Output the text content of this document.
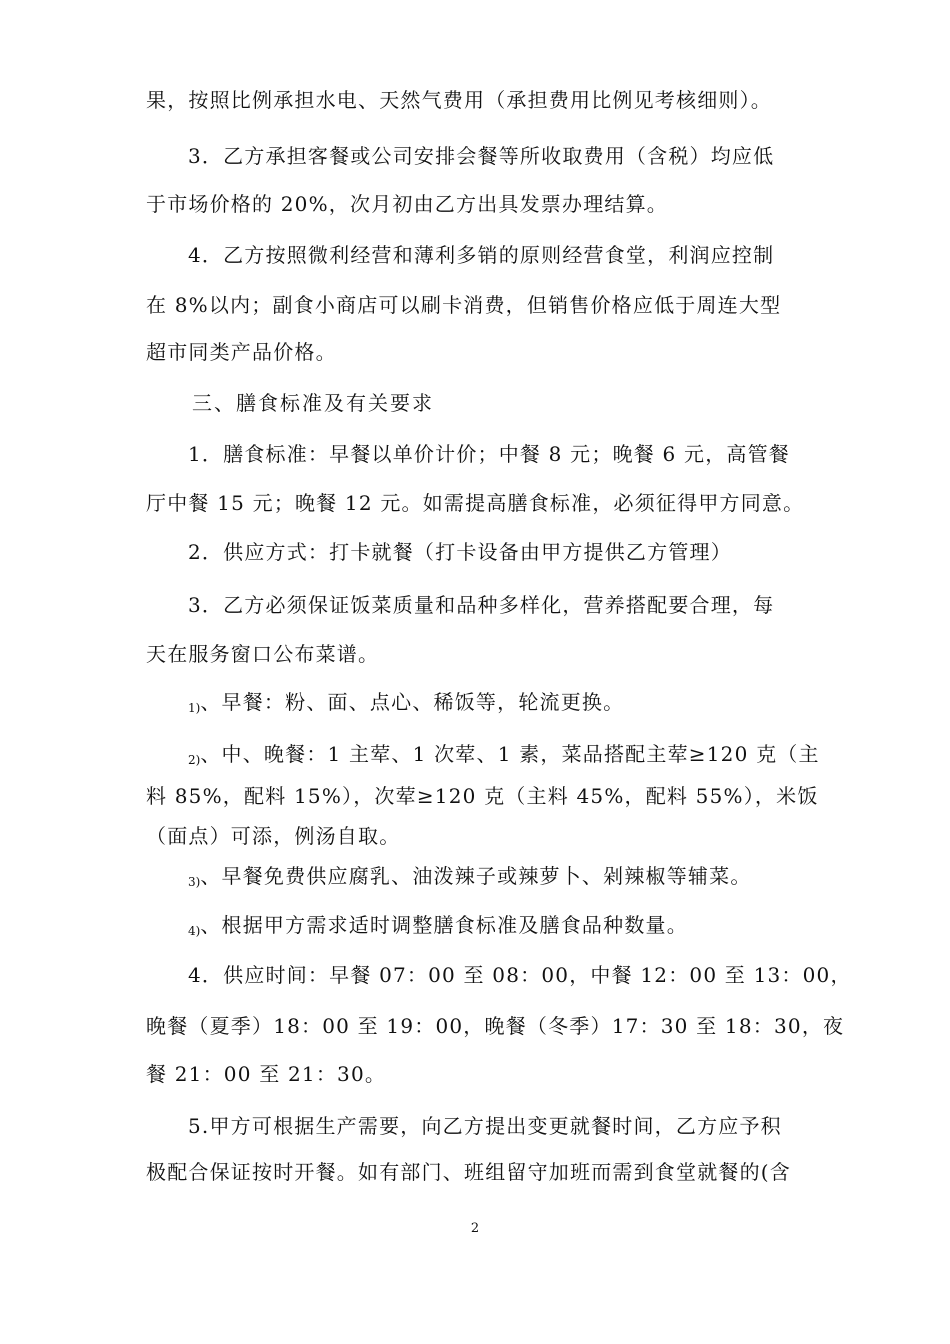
果，按照比例承担水电、天然气费用（承担费用比例见考核细则）。
3．乙方承担客餐或公司安排会餐等所收取费用（含税）均应低
于市场价格的 20%，次月初由乙方出具发票办理结算。
4．乙方按照微利经营和薄利多销的原则经营食堂，利润应控制
在 8%以内；副食小商店可以刷卡消费，但销售价格应低于周连大型
超市同类产品价格。
三、膳食标准及有关要求
1．膳食标准：早餐以单价计价；中餐 8 元；晚餐 6 元，高管餐
厅中餐 15 元；晚餐 12 元。如需提高膳食标准，必须征得甲方同意。
2．供应方式：打卡就餐（打卡设备由甲方提供乙方管理）
3．乙方必须保证饭菜质量和品种多样化，营养搭配要合理，每
天在服务窗口公布菜谱。
1)、早餐：粉、面、点心、稀饭等，轮流更换。
2)、中、晚餐：1 主荤、1 次荤、1 素，菜品搭配主荤≥120 克（主
料 85%，配料 15%），次荤≥120 克（主料 45%，配料 55%），米饭
（面点）可添，例汤自取。
3)、早餐免费供应腐乳、油泼辣子或辣萝卜、剁辣椒等辅菜。
4)、根据甲方需求适时调整膳食标准及膳食品种数量。
4．供应时间：早餐 07：00 至 08：00，中餐 12：00 至 13：00，
晚餐（夏季）18：00 至 19：00，晚餐（冬季）17：30 至 18：30，夜
餐 21：00 至 21：30。
5.甲方可根据生产需要，向乙方提出变更就餐时间，乙方应予积
极配合保证按时开餐。如有部门、班组留守加班而需到食堂就餐的(含
2
